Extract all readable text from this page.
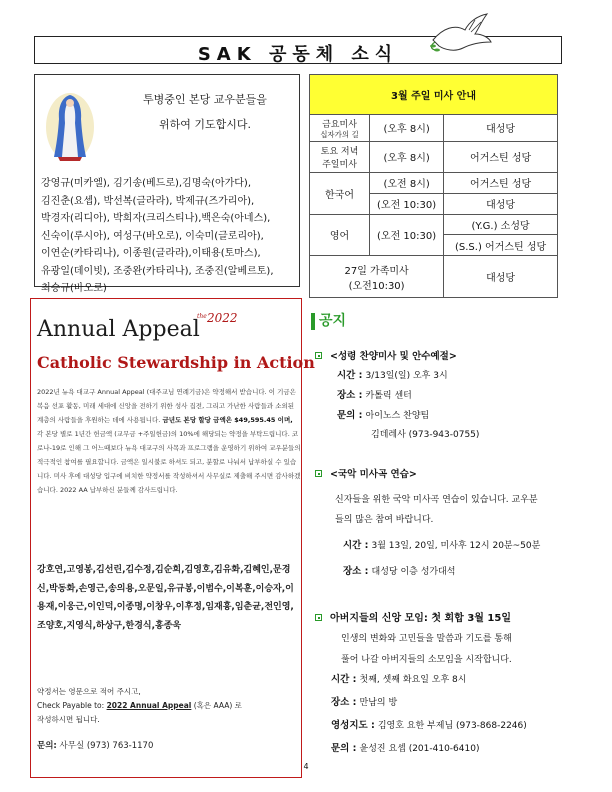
SAK 공동체 소식
투병중인 본당 교우분들을
위하여 기도합시다.
강영규(미카엘), 김기송(베드로),김명숙(아가다),
김진춘(요셉), 박선복(글라라), 박제규(즈가리아),
박경자(리디아), 박희자(크리스티나),백은숙(아네스),
신숙이(루시아), 여성구(바오로), 이숙미(글로리아),
이연순(카타리나), 이종원(글라라),이태용(토마스),
유광일(데이빗), 조중완(카타리나), 조중진(알베르토),
최승규(바오로)
3월 주일 미사 안내		

금요미사
십자가의 길	(오후 8시)	대성당

토요 저녁
주일미사	(오후 8시)	어거스틴 성당
한국어	(오전 8시)	어거스틴 성당
	(오전 10:30)	대성당
영어	(오전 10:30)	(Y.G.) 소성당
		(S.S.) 어거스틴 성당

27일 가족미사
(오전10:30)		대성당
the 2022
Annual Appeal
Catholic Stewardship in Action
2022년 뉴욕 대교구 Annual Appeal (대주교님 연례기금)은 약정해서 받습니다. 이 기금은 복음 선포 활동, 미래 세대에 신앙을 전하기 위한 성사 집전, 그리고 가난한 사람들과 소외된 계층의 사람들을 후원하는 데에 사용됩니다. 금년도 본당 할당 금액은 $49,595.45 이며, 각 본당 별로 1년간 헌금액 (교무금 +주일헌금)의 10%에 해당되는 약정을 부탁드립니다. 코로나-19로 인해 그 어느때보다 뉴욕 대교구의 사목과 프로그램을 운영하기 위하여 교우분들의 적극적인 참여를 필요합니다. 금액은 일시불로 하셔도 되고, 분할로 나눠서 납부하실 수 있습니다. 미사 후에 대성당 입구에 비치한 약정서를 작성하셔서 사무실로 제출해 주시면 감사하겠습니다. 2022 AA 납부하신 분들께 감사드립니다.
강호연,고영봉,김선린,김수정,김순희,김영호,김유화,김혜인,문경신,박동화,손영근,송의용,오문일,유규봉,이범수,이복훈,이승자,이용재,이웅근,이인덕,이종명,이창우,이후정,임재흥,임춘균,전인영,조양호,지영식,하상구,한경식,홍종욱
약정서는 영문으로 적어 주시고,
Check Payable to: 2022 Annual Appeal (혹은 AAA) 로
작성하시면 됩니다.
문의: 사무실 (973) 763-1170
공지
<성령 찬양미사 및 안수예절>
시간 : 3/13일(일) 오후 3시
장소 : 카톨릭 센터
문의 : 아이노스 찬양팀
김데레사 (973-943-0755)
<국악 미사곡 연습>
신자들을 위한 국악 미사곡 연습이 있습니다. 교우분
들의 많은 참여 바랍니다.
시간 : 3월 13일, 20일, 미사후 12시 20분~50분
장소 : 대성당 이층 성가대석
아버지들의 신앙 모임: 첫 회합 3월 15일
인생의 변화와 고민들을 말씀과 기도를 통해
풀어 나갈 아버지들의 소모임을 시작합니다.
시간 : 첫째, 셋째 화요일 오후 8시
장소 : 만남의 방
영성지도 : 김영호 요한 부제님 (973-868-2246)
문의 : 윤성진 요셉 (201-410-6410)
4
